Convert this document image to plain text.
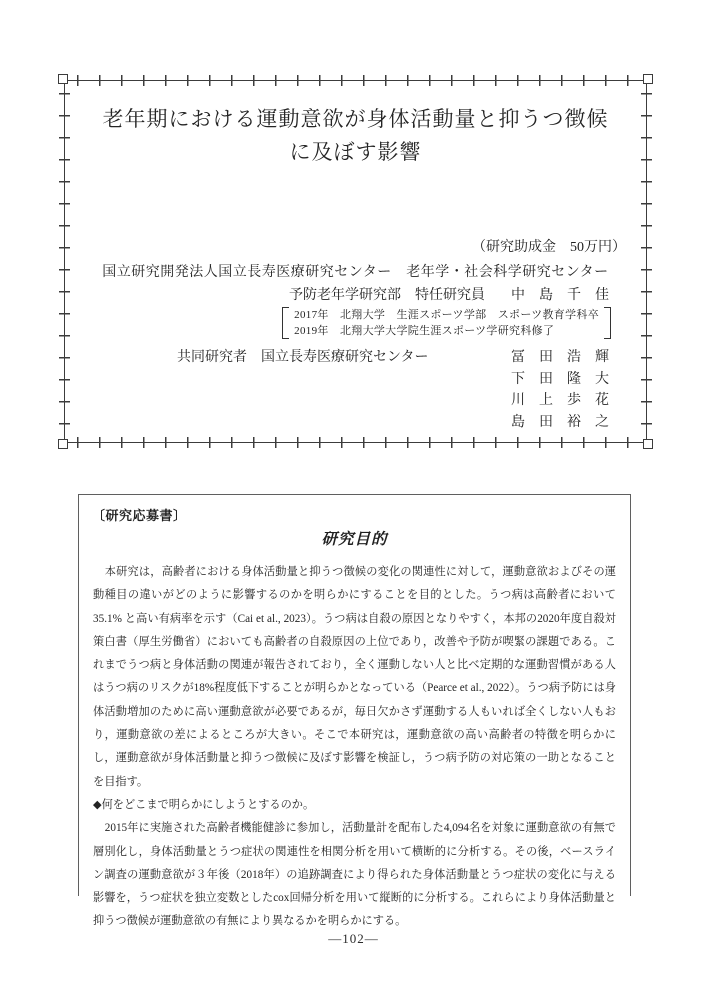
老年期における運動意欲が身体活動量と抑うつ徴候
に及ぼす影響
（研究助成金　50万円）
国立研究開発法人国立長寿医療研究センター　老年学・社会科学研究センター
予防老年学研究部　特任研究員 中　島　千　佳
2017年　北翔大学　生涯スポーツ学部　スポーツ教育学科卒
2019年　北翔大学大学院生涯スポーツ学研究科修了
共同研究者　国立長寿医療研究センター	冨　田　浩　輝
下　田　隆　大
川　上　歩　花
島　田　裕　之
〔研究応募書〕
研究目的

本研究は，高齢者における身体活動量と抑うつ徴候の変化の関連性に対して，運動意欲およびその運動種目の違いがどのように影響するのかを明らかにすることを目的とした。うつ病は高齢者において35.1% と高い有病率を示す（Cai et al., 2023）。うつ病は自殺の原因となりやすく，本邦の2020年度自殺対策白書（厚生労働省）においても高齢者の自殺原因の上位であり，改善や予防が喫緊の課題である。これまでうつ病と身体活動の関連が報告されており，全く運動しない人と比べ定期的な運動習慣がある人はうつ病のリスクが18%程度低下することが明らかとなっている（Pearce et al., 2022）。うつ病予防には身体活動増加のために高い運動意欲が必要であるが，毎日欠かさず運動する人もいれば全くしない人もおり，運動意欲の差によるところが大きい。そこで本研究は，運動意欲の高い高齢者の特徴を明らかにし，運動意欲が身体活動量と抑うつ徴候に及ぼす影響を検証し，うつ病予防の対応策の一助となることを目指す。

◆何をどこまで明らかにしようとするのか。

2015年に実施された高齢者機能健診に参加し，活動量計を配布した4,094名を対象に運動意欲の有無で層別化し，身体活動量とうつ症状の関連性を相関分析を用いて横断的に分析する。その後，ベースライン調査の運動意欲が３年後（2018年）の追跡調査により得られた身体活動量とうつ症状の変化に与える影響を，うつ症状を独立変数としたcox回帰分析を用いて縦断的に分析する。これらにより身体活動量と抑うつ徴候が運動意欲の有無により異なるかを明らかにする。

—102—
